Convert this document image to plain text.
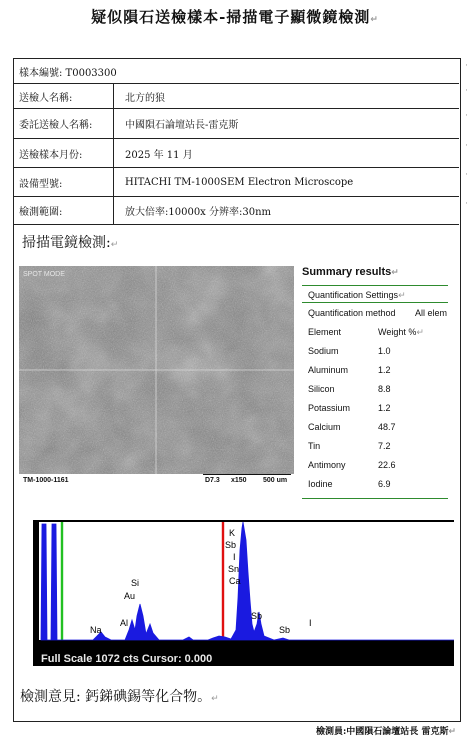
疑似隕石送檢樣本-掃描電子顯微鏡檢測↵
樣本編號: T0003300
·
送檢人名稱:	北方的狼
·
委託送檢人名稱:	中國隕石論壇站長-雷克斯
·
送檢樣本月份:	2025 年 11 月
·
設備型號:	HITACHI TM-1000SEM Electron Microscope
·
檢測範圍:	放大倍率:10000x 分辨率:30nm
·
掃描電鏡檢測:↵
SPOT MODE
TM-1000-1161	D7.3 x150 500 um
Summary results↵
Quantification Settings↵
Quantification method All elem
Element	Weight %↵
Sodium	1.0
Aluminum	1.2
Silicon	8.8
Potassium	1.2
Calcium	48.7
Tin	7.2
Antimony	22.6
Iodine	6.9
K
Sb
I
Sn
Ca
Si
Au
Al
Na
Sb
Sb
I
0	2	4	6
Full Scale 1072 cts Cursor: 0.000
檢測意見: 鈣銻碘錫等化合物。↵
檢測員:中國隕石論壇站長 雷克斯↵
